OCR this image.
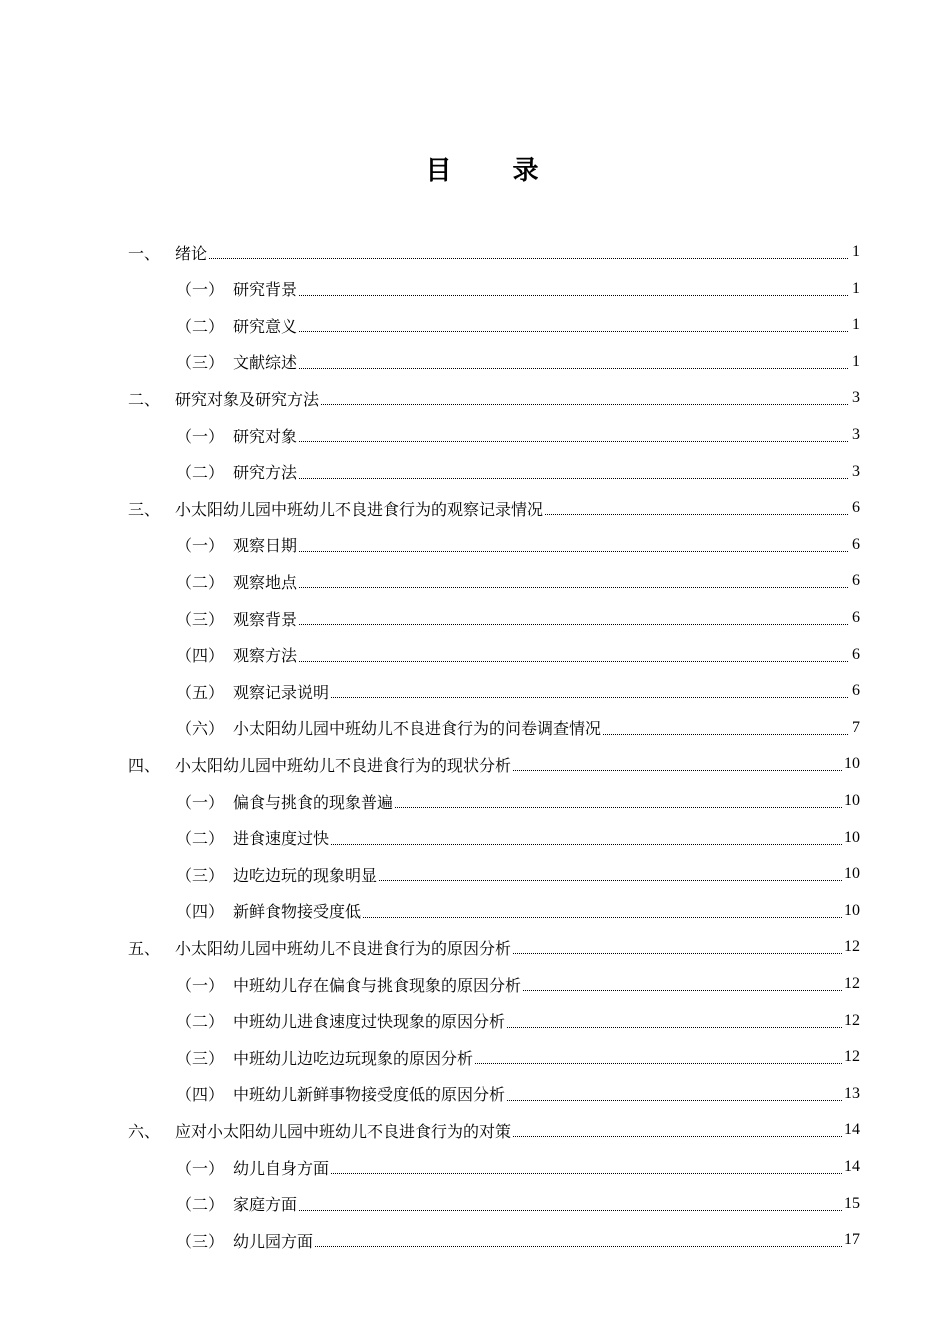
目 录
一、 绪论	1
（一） 研究背景	1
（二） 研究意义	1
（三） 文献综述	1
二、 研究对象及研究方法	3
（一） 研究对象	3
（二） 研究方法	3
三、 小太阳幼儿园中班幼儿不良进食行为的观察记录情况	6
（一） 观察日期	6
（二） 观察地点	6
（三） 观察背景	6
（四） 观察方法	6
（五） 观察记录说明	6
（六） 小太阳幼儿园中班幼儿不良进食行为的问卷调查情况	7
四、 小太阳幼儿园中班幼儿不良进食行为的现状分析	10
（一） 偏食与挑食的现象普遍	10
（二） 进食速度过快	10
（三） 边吃边玩的现象明显	10
（四） 新鲜食物接受度低	10
五、 小太阳幼儿园中班幼儿不良进食行为的原因分析	12
（一） 中班幼儿存在偏食与挑食现象的原因分析	12
（二） 中班幼儿进食速度过快现象的原因分析	12
（三） 中班幼儿边吃边玩现象的原因分析	12
（四） 中班幼儿新鲜事物接受度低的原因分析	13
六、 应对小太阳幼儿园中班幼儿不良进食行为的对策	14
（一） 幼儿自身方面	14
（二） 家庭方面	15
（三） 幼儿园方面	17
